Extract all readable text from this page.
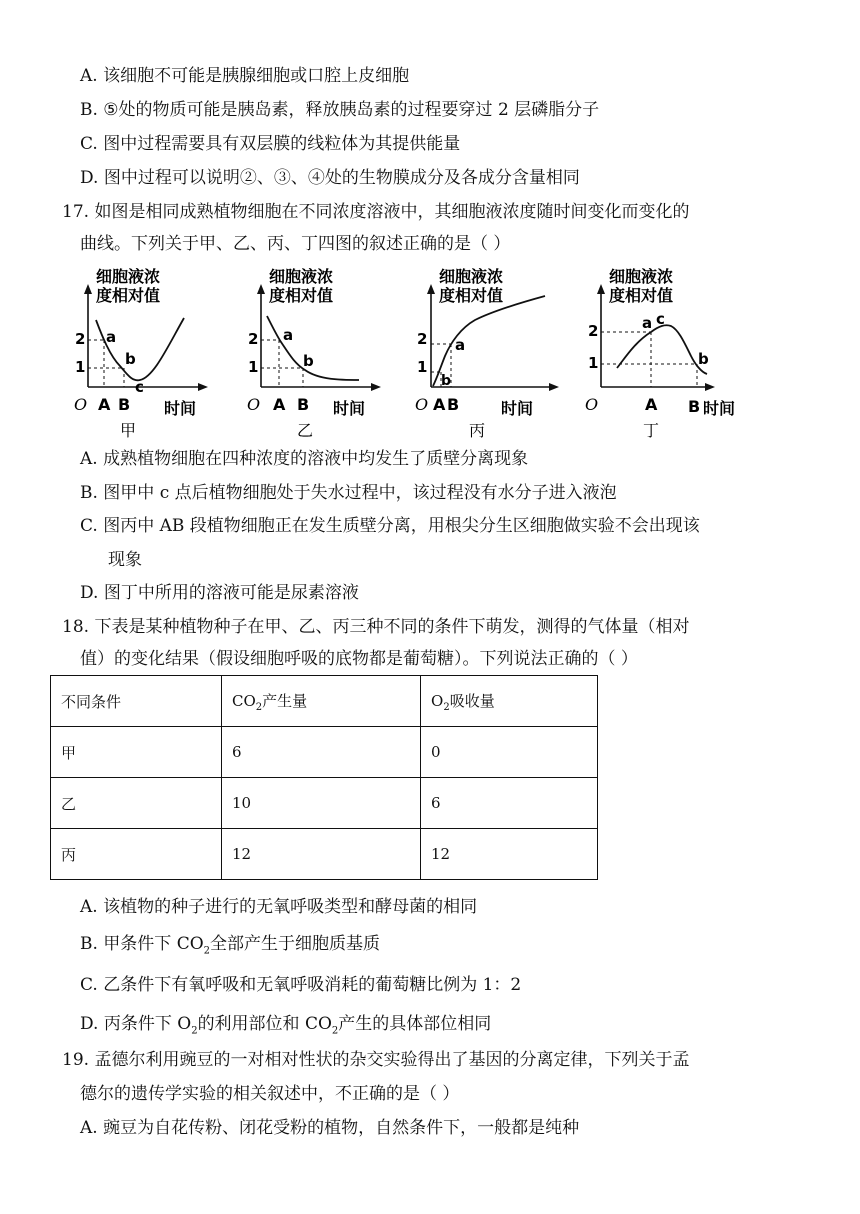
A. 该细胞不可能是胰腺细胞或口腔上皮细胞
B. ⑤处的物质可能是胰岛素，释放胰岛素的过程要穿过 2 层磷脂分子
C. 图中过程需要具有双层膜的线粒体为其提供能量
D. 图中过程可以说明②、③、④处的生物膜成分及各成分含量相同
17. 如图是相同成熟植物细胞在不同浓度溶液中，其细胞液浓度随时间变化而变化的
曲线。下列关于甲、乙、丙、丁四图的叙述正确的是（ ）
细胞液浓
度相对值
2
1
a
b
c
O A B 时间
甲
细胞液浓
度相对值
2
1
a
b
O A B 时间
乙
细胞液浓
度相对值
2
1
a
b
O A B	时间
丙
细胞液浓
度相对值
2
1
a c
b
O	A B 时间
丁
A. 成熟植物细胞在四种浓度的溶液中均发生了质壁分离现象
B. 图甲中 c 点后植物细胞处于失水过程中，该过程没有水分子进入液泡
C. 图丙中 AB 段植物细胞正在发生质壁分离，用根尖分生区细胞做实验不会出现该
现象
D. 图丁中所用的溶液可能是尿素溶液
18. 下表是某种植物种子在甲、乙、丙三种不同的条件下萌发，测得的气体量（相对
值）的变化结果（假设细胞呼吸的底物都是葡萄糖）。下列说法正确的（ ）
不同条件	$CO_2$产生量	$O_2$吸收量
甲	6	0
乙	10	6
丙	12	12
A. 该植物的种子进行的无氧呼吸类型和酵母菌的相同
B. 甲条件下 $CO_2$全部产生于细胞质基质
C. 乙条件下有氧呼吸和无氧呼吸消耗的葡萄糖比例为 1：2
D. 丙条件下 $O_2$的利用部位和 $CO_2$产生的具体部位相同
19. 孟德尔利用豌豆的一对相对性状的杂交实验得出了基因的分离定律，下列关于孟
德尔的遗传学实验的相关叙述中，不正确的是（ ）
A. 豌豆为自花传粉、闭花受粉的植物，自然条件下，一般都是纯种
